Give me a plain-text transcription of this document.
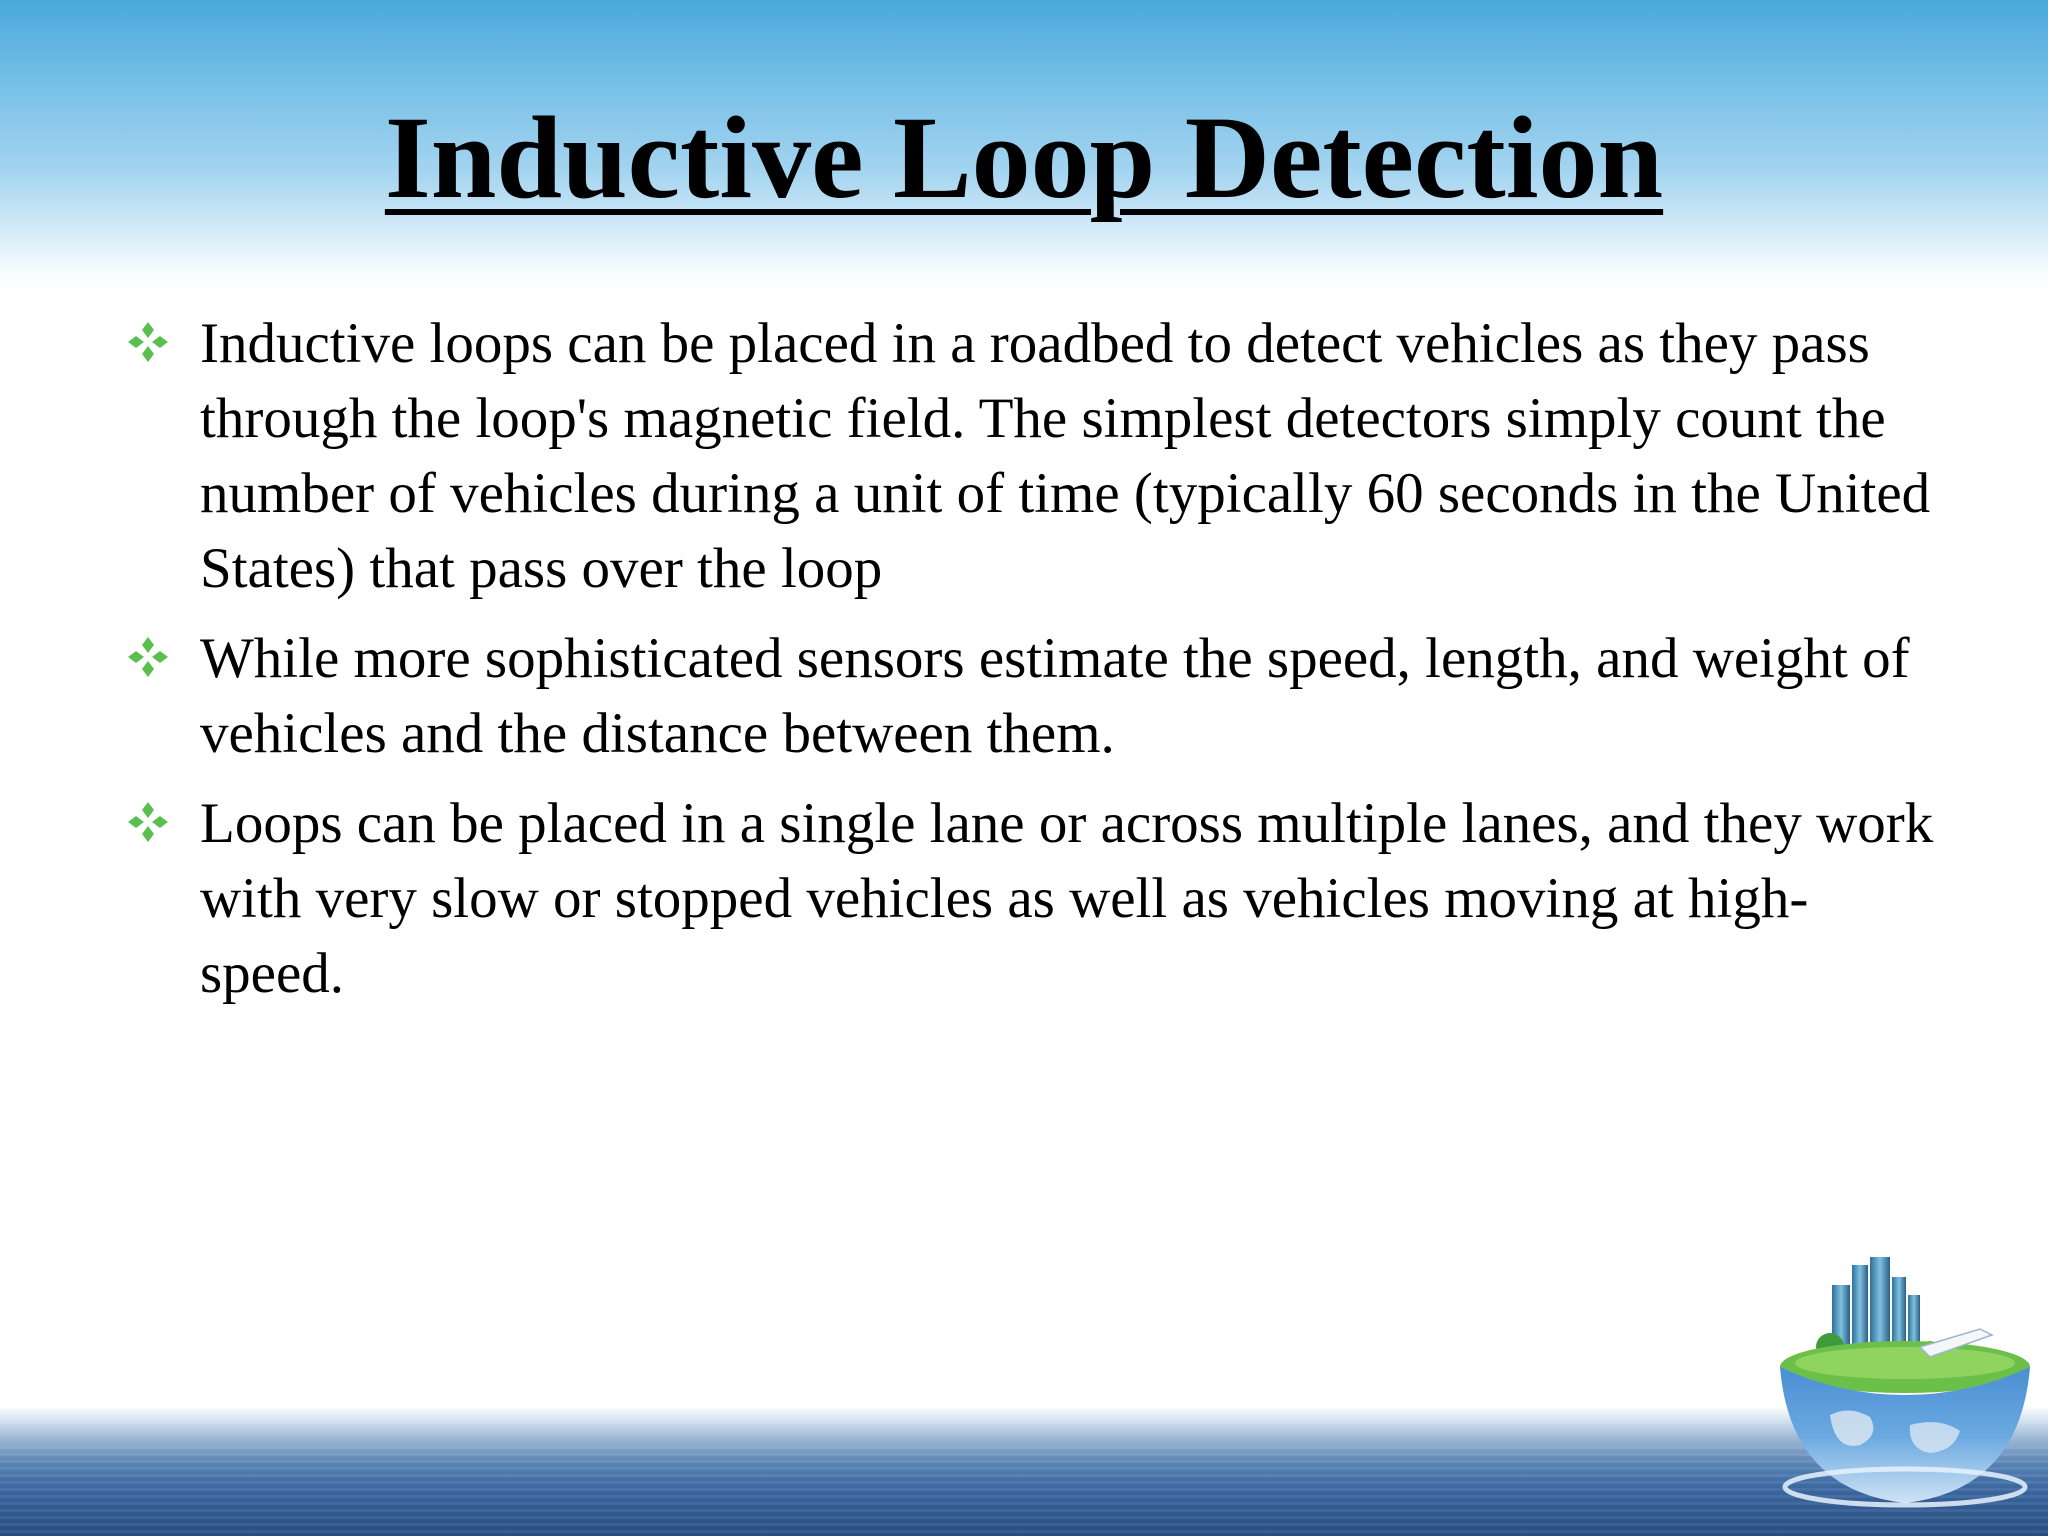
Inductive Loop Detection
Inductive loops can be placed in a roadbed to detect vehicles as they pass through the loop's magnetic field. The simplest detectors simply count the number of vehicles during a unit of time (typically 60 seconds in the United States) that pass over the loop
While more sophisticated sensors estimate the speed, length, and weight of vehicles and the distance between them.
Loops can be placed in a single lane or across multiple lanes, and they work with very slow or stopped vehicles as well as vehicles moving at high-speed.
